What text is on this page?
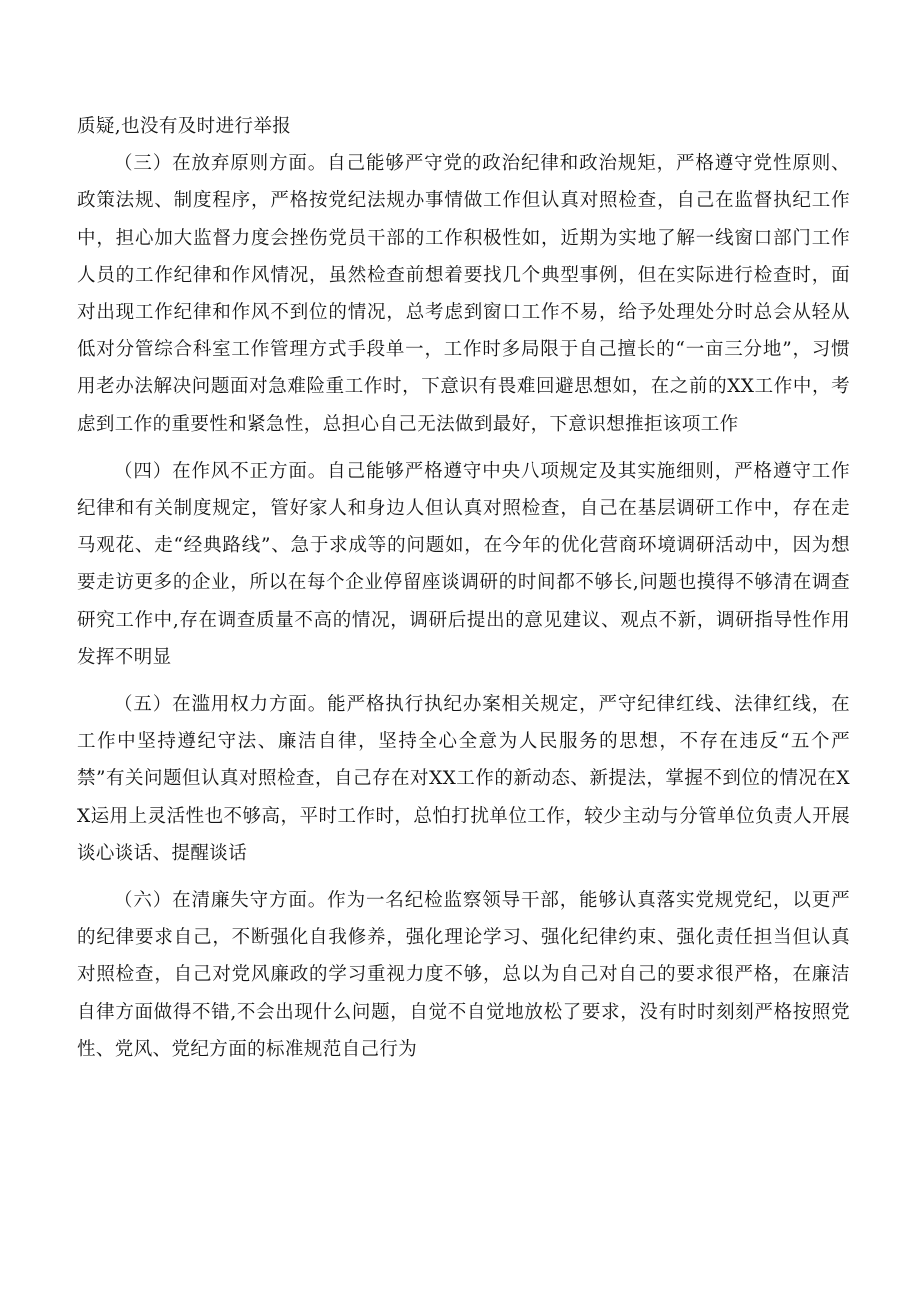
质疑,也没有及时进行举报

（三）在放弃原则方面。自己能够严守党的政治纪律和政治规矩，严格遵守党性原则、政策法规、制度程序，严格按党纪法规办事情做工作但认真对照检查，自己在监督执纪工作中，担心加大监督力度会挫伤党员干部的工作积极性如，近期为实地了解一线窗口部门工作人员的工作纪律和作风情况，虽然检查前想着要找几个典型事例，但在实际进行检查时，面对出现工作纪律和作风不到位的情况，总考虑到窗口工作不易，给予处理处分时总会从轻从低对分管综合科室工作管理方式手段单一，工作时多局限于自己擅长的“一亩三分地”，习惯用老办法解决问题面对急难险重工作时，下意识有畏难回避思想如，在之前的XX工作中，考虑到工作的重要性和紧急性，总担心自己无法做到最好，下意识想推拒该项工作

（四）在作风不正方面。自己能够严格遵守中央八项规定及其实施细则，严格遵守工作纪律和有关制度规定，管好家人和身边人但认真对照检查，自己在基层调研工作中，存在走马观花、走“经典路线”、急于求成等的问题如，在今年的优化营商环境调研活动中，因为想要走访更多的企业，所以在每个企业停留座谈调研的时间都不够长,问题也摸得不够清在调查研究工作中,存在调查质量不高的情况，调研后提出的意见建议、观点不新，调研指导性作用发挥不明显

（五）在滥用权力方面。能严格执行执纪办案相关规定，严守纪律红线、法律红线，在工作中坚持遵纪守法、廉洁自律，坚持全心全意为人民服务的思想，不存在违反“五个严禁”有关问题但认真对照检查，自己存在对XX工作的新动态、新提法，掌握不到位的情况在XX运用上灵活性也不够高，平时工作时，总怕打扰单位工作，较少主动与分管单位负责人开展谈心谈话、提醒谈话

（六）在清廉失守方面。作为一名纪检监察领导干部，能够认真落实党规党纪，以更严的纪律要求自己，不断强化自我修养，强化理论学习、强化纪律约束、强化责任担当但认真对照检查，自己对党风廉政的学习重视力度不够，总以为自己对自己的要求很严格，在廉洁自律方面做得不错,不会出现什么问题，自觉不自觉地放松了要求，没有时时刻刻严格按照党性、党风、党纪方面的标准规范自己行为
